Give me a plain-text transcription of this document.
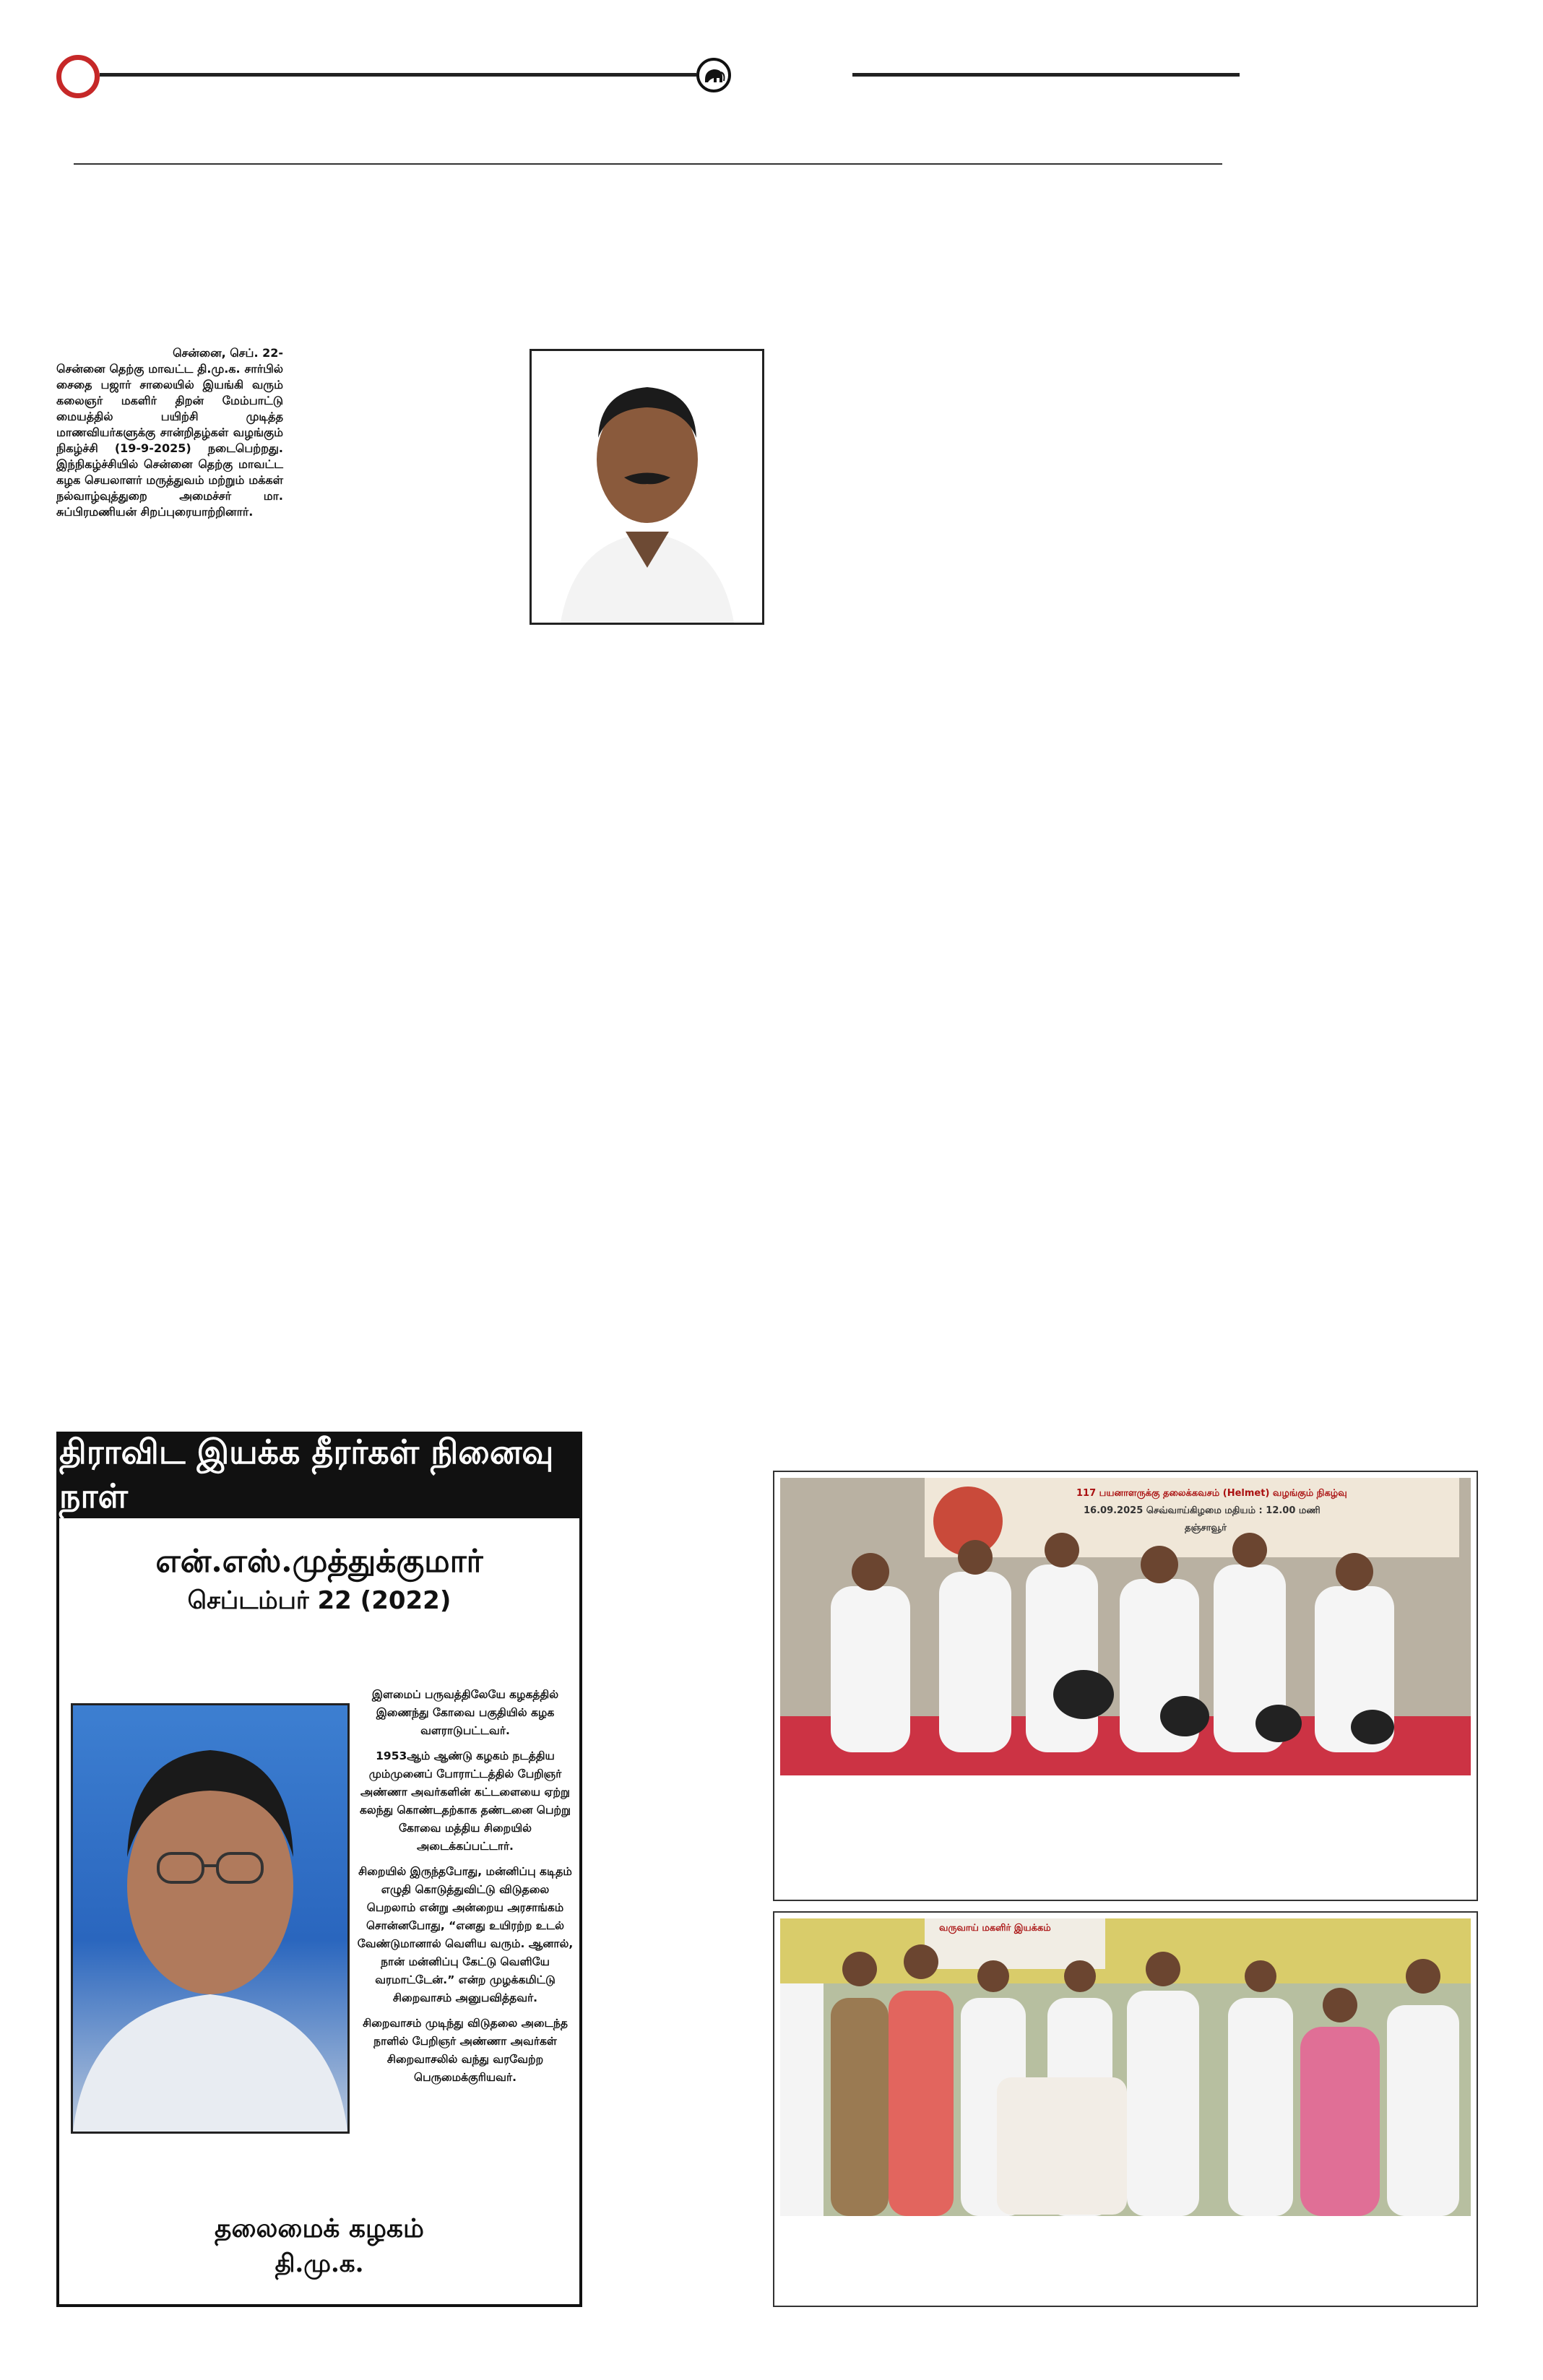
சென்னை, செப். 22-

சென்னை தெற்கு மாவட்ட தி.மு.க. சார்பில் சைதை பஜார் சாலையில் இயங்கி வரும் கலைஞர் மகளிர் திறன் மேம்பாட்டு மையத்தில் பயிற்சி முடித்த மாணவியர்களுக்கு சான்றிதழ்கள் வழங்கும் நிகழ்ச்சி (19-9-2025) நடைபெற்றது. இந்நிகழ்ச்சியில் சென்னை தெற்கு மாவட்ட கழக செயலாளர் மருத்துவம் மற்றும் மக்கள் நல்வாழ்வுத்துறை அமைச்சர் மா. சுப்பிரமணியன் சிறப்புரையாற்றினார்.

திராவிட இயக்க தீரர்கள் நினைவு நாள்
என்.எஸ்.முத்துக்குமார்
செப்டம்பர் 22 (2022)

இளமைப் பருவத்திலேயே கழகத்தில் இணைந்து கோவை பகுதியில் கழக வளராடுபட்டவர்.

1953ஆம் ஆண்டு கழகம் நடத்திய மும்முனைப் போராட்டத்தில் பேறிஞர் அண்ணா அவர்களின் கட்டளையை ஏற்று கலந்து கொண்டதற்காக தண்டனை பெற்று கோவை மத்திய சிறையில் அடைக்கப்பட்டார்.

சிறையில் இருந்தபோது, மன்னிப்பு கடிதம் எழுதி கொடுத்துவிட்டு விடுதலை பெறலாம் என்று அன்றைய அரசாங்கம் சொன்னபோது, “எனது உயிரற்ற உடல் வேண்டுமானால் வெளிய வரும். ஆனால், நான் மன்னிப்பு கேட்டு வெளியே வரமாட்டேன்.” என்ற முழக்கமிட்டு சிறைவாசம் அனுபவித்தவர்.

சிறைவாசம் முடிந்து விடுதலை அடைந்த நாளில் பேறிஞர் அண்ணா அவர்கள் சிறைவாசலில் வந்து வரவேற்ற பெருமைக்குரியவர்.

தலைமைக் கழகம்
தி.மு.க.
117 பயனாளருக்கு தலைக்கவசம் (Helmet) வழங்கும் நிகழ்வு
16.09.2025 செவ்வாய்கிழமை மதியம் : 12.00 மணி
தஞ்சாவூர்
வருவாய் மகளிர் இயக்கம்
